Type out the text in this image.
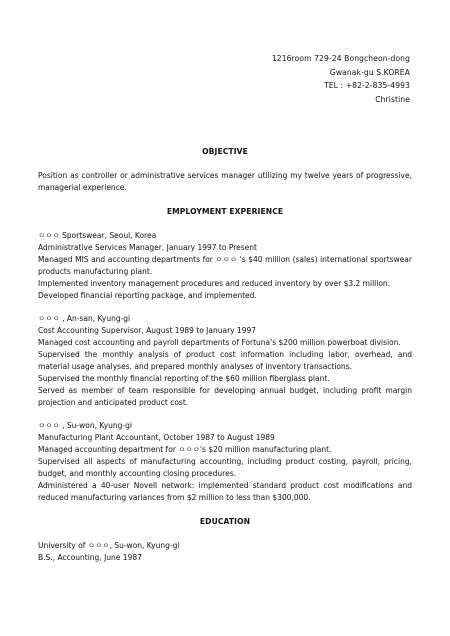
1216room 729-24 Bongcheon-dong
Gwanak-gu S.KOREA
TEL : +82-2-835-4993
Christine

OBJECTIVE

Position as controller or administrative services manager utilizing my twelve years of progressive, managerial experience.

EMPLOYMENT EXPERIENCE

ㅇㅇㅇ Sportswear, Seoul, Korea

Administrative Services Manager, January 1997 to Present

Managed MIS and accounting departments for ㅇㅇㅇ 's $40 million (sales) international sportswear products manufacturing plant.

Implemented inventory management procedures and reduced inventory by over $3.2 million.

Developed financial reporting package, and implemented.

ㅇㅇㅇ , An-san, Kyung-gi

Cost Accounting Supervisor, August 1989 to January 1997

Managed cost accounting and payroll departments of Fortuna's $200 million powerboat division.

Supervised the monthly analysis of product cost information including labor, overhead, and material usage analyses, and prepared monthly analyses of inventory transactions.

Supervised the monthly financial reporting of the $60 million fiberglass plant.

Served as member of team responsible for developing annual budget, including profit margin projection and anticipated product cost.

ㅇㅇㅇ , Su-won, Kyung-gi

Manufacturing Plant Accountant, October 1987 to August 1989

Managed accounting department for ㅇㅇㅇ's $20 million manufacturing plant.

Supervised all aspects of manufacturing accounting, including product costing, payroll, pricing, budget, and monthly accounting closing procedures.

Administered a 40-user Novell network: implemented standard product cost modifications and reduced manufacturing variances from $2 million to less than $300,000.

EDUCATION

University of ㅇㅇㅇ, Su-won, Kyung-gi

B.S., Accounting, June 1987
